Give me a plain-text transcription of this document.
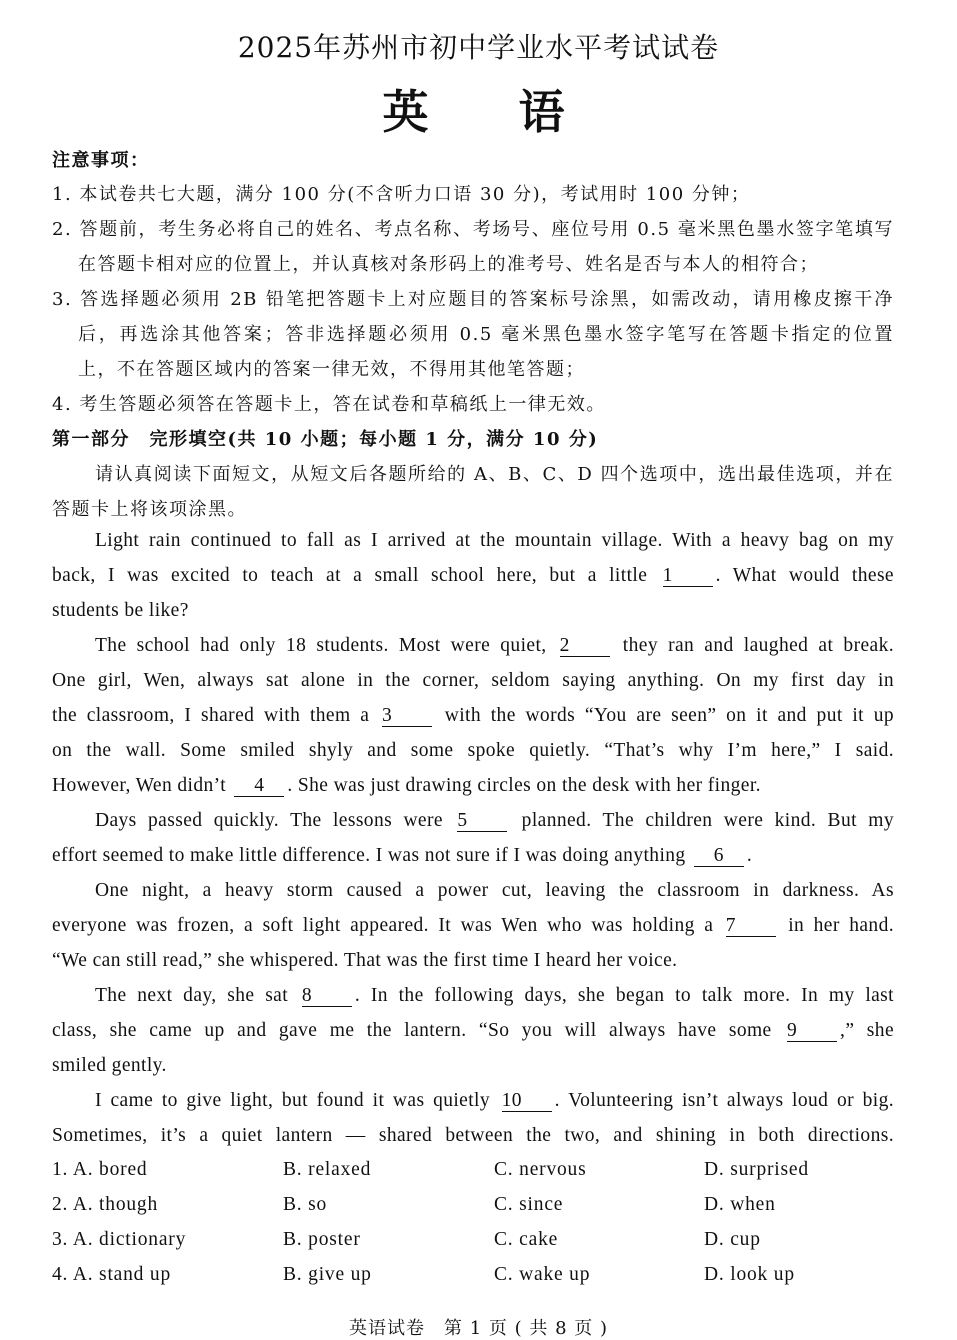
2025年苏州市初中学业水平考试试卷
英语
注意事项：
1. 本试卷共七大题，满分 100 分(不含听力口语 30 分)，考试用时 100 分钟；
2. 答题前，考生务必将自己的姓名、考点名称、考场号、座位号用 0.5 毫米黑色墨水签字笔填写
在答题卡相对应的位置上，并认真核对条形码上的准考号、姓名是否与本人的相符合；
3. 答选择题必须用 2B 铅笔把答题卡上对应题目的答案标号涂黑，如需改动，请用橡皮擦干净
后，再选涂其他答案；答非选择题必须用 0.5 毫米黑色墨水签字笔写在答题卡指定的位置
上，不在答题区域内的答案一律无效，不得用其他笔答题；
4. 考生答题必须答在答题卡上，答在试卷和草稿纸上一律无效。
第一部分　完形填空(共 10 小题；每小题 1 分，满分 10 分)
请认真阅读下面短文，从短文后各题所给的 A、B、C、D 四个选项中，选出最佳选项，并在
答题卡上将该项涂黑。
Light rain continued to fall as I arrived at the mountain village. With a heavy bag on my
back, I was excited to teach at a small school here, but a little 1 . What would these
students be like?
The school had only 18 students. Most were quiet, 2	they ran and laughed at break.
One girl, Wen, always sat alone in the corner, seldom saying anything. On my first day in
the classroom, I shared with them a 3	with the words “You are seen” on it and put it up
on the wall. Some smiled shyly and some spoke quietly. “That’s why I’m here,” I said.
However, Wen didn’t 4 . She was just drawing circles on the desk with her finger.
Days passed quickly. The lessons were 5	planned. The children were kind. But my
effort seemed to make little difference. I was not sure if I was doing anything 6 .
One night, a heavy storm caused a power cut, leaving the classroom in darkness. As
everyone was frozen, a soft light appeared. It was Wen who was holding a 7	in her hand.
“We can still read,” she whispered. That was the first time I heard her voice.
The next day, she sat 8 . In the following days, she began to talk more. In my last
class, she came up and gave me the lantern. “So you will always have some 9 ,” she
smiled gently.
I came to give light, but found it was quietly 10 . Volunteering isn’t always loud or big.
Sometimes, it’s a quiet lantern — shared between the two, and shining in both directions.
1. A. bored	B. relaxed	C. nervous	D. surprised
2. A. though	B. so	C. since	D. when
3. A. dictionary	B. poster	C. cake	D. cup
4. A. stand up	B. give up	C. wake up	D. look up
英语试卷　第 1 页 ( 共 8 页 )
